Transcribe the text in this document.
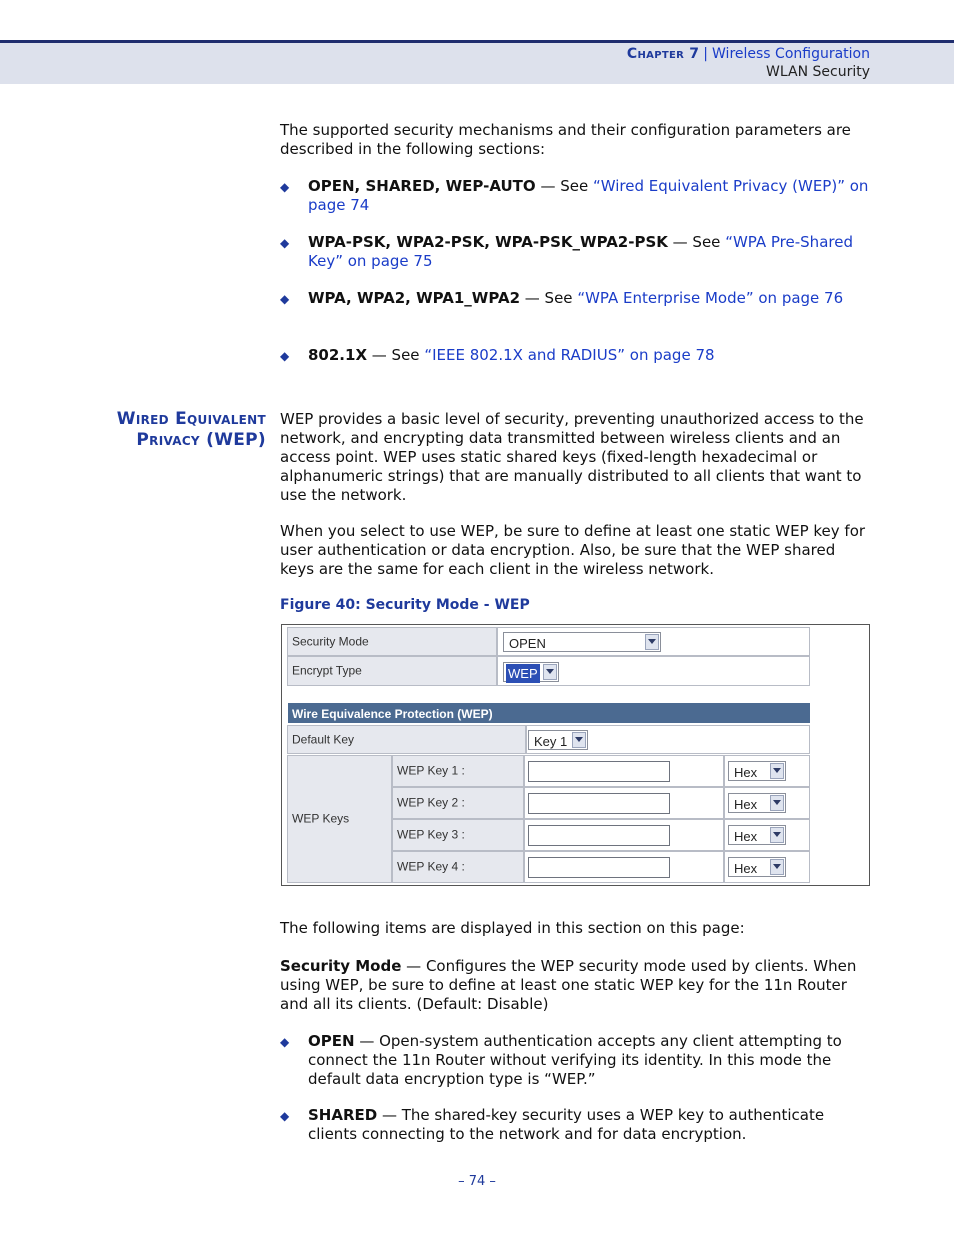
Chapter 7 | Wireless Configuration
WLAN Security

The supported security mechanisms and their configuration parameters are described in the following sections:

◆ OPEN, SHARED, WEP-AUTO — See “Wired Equivalent Privacy (WEP)” on page 74
◆ WPA-PSK, WPA2-PSK, WPA-PSK_WPA2-PSK — See “WPA Pre-Shared Key” on page 75
◆ WPA, WPA2, WPA1_WPA2 — See “WPA Enterprise Mode” on page 76
◆ 802.1X — See “IEEE 802.1X and RADIUS” on page 78
Wired Equivalent
Privacy (WEP)

WEP provides a basic level of security, preventing unauthorized access to the network, and encrypting data transmitted between wireless clients and an access point. WEP uses static shared keys (fixed-length hexadecimal or alphanumeric strings) that are manually distributed to all clients that want to use the network.

When you select to use WEP, be sure to define at least one static WEP key for user authentication or data encryption. Also, be sure that the WEP shared keys are the same for each client in the wireless network.

Figure 40: Security Mode - WEP
Security Mode	OPEN
Encrypt Type	WEP
Wire Equivalence Protection (WEP)
Default Key	Key 1
WEP Keys
WEP Key 1 :	Hex
WEP Key 2 :	Hex
WEP Key 3 :	Hex
WEP Key 4 :	Hex

The following items are displayed in this section on this page:

Security Mode — Configures the WEP security mode used by clients. When using WEP, be sure to define at least one static WEP key for the 11n Router and all its clients. (Default: Disable)

◆ OPEN — Open-system authentication accepts any client attempting to connect the 11n Router without verifying its identity. In this mode the default data encryption type is “WEP.”
◆ SHARED — The shared-key security uses a WEP key to authenticate clients connecting to the network and for data encryption.
– 74 –
